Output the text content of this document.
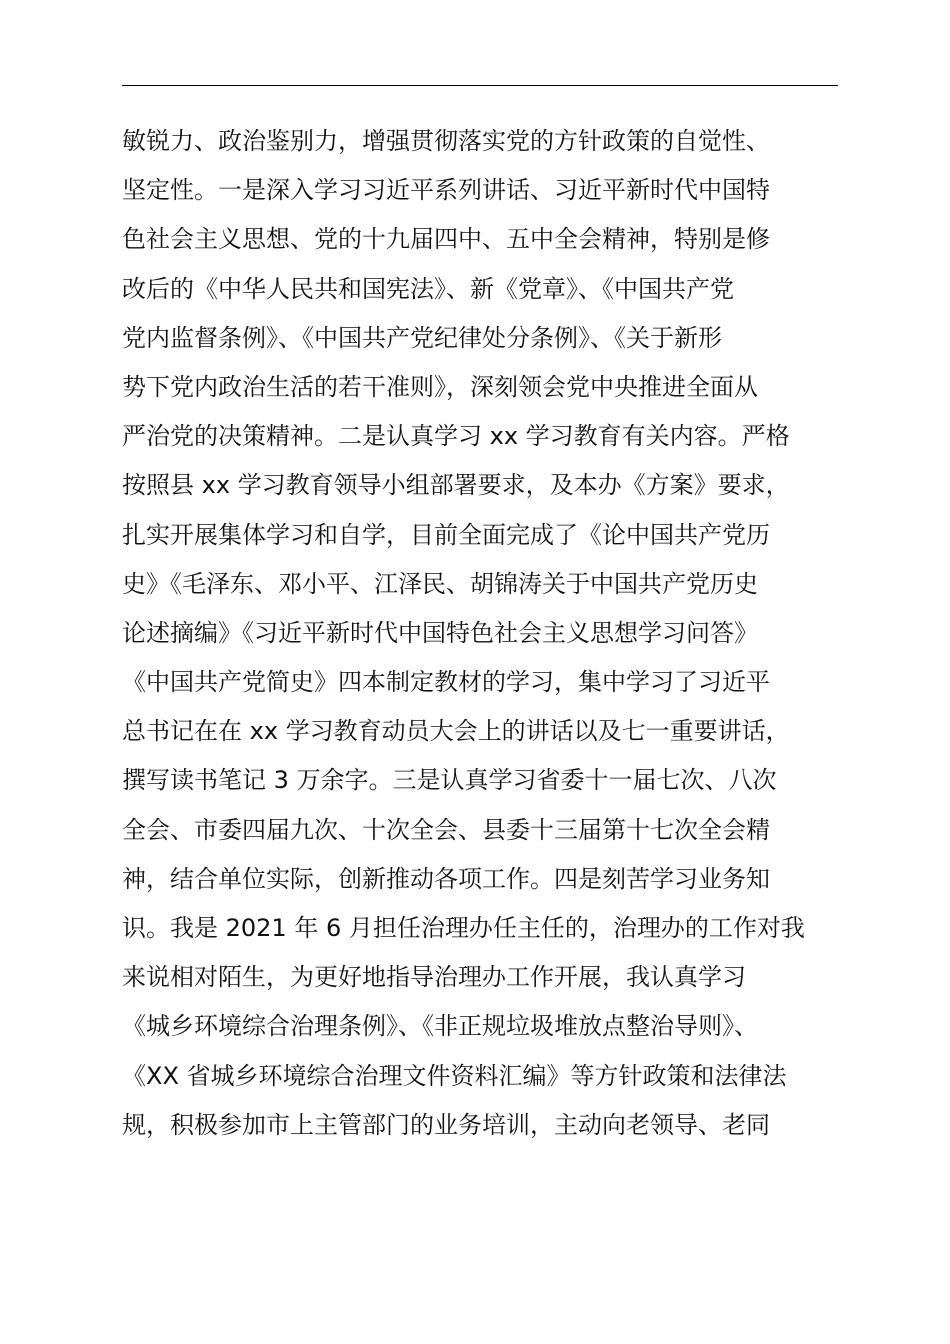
敏锐力、政治鉴别力，增强贯彻落实党的方针政策的自觉性、
坚定性。一是深入学习习近平系列讲话、习近平新时代中国特
色社会主义思想、党的十九届四中、五中全会精神，特别是修
改后的《中华人民共和国宪法》、新《党章》、《中国共产党
党内监督条例》、《中国共产党纪律处分条例》、《关于新形
势下党内政治生活的若干准则》，深刻领会党中央推进全面从
严治党的决策精神。二是认真学习 xx 学习教育有关内容。严格
按照县 xx 学习教育领导小组部署要求，及本办《方案》要求，
扎实开展集体学习和自学，目前全面完成了《论中国共产党历
史》《毛泽东、邓小平、江泽民、胡锦涛关于中国共产党历史
论述摘编》《习近平新时代中国特色社会主义思想学习问答》
《中国共产党简史》四本制定教材的学习，集中学习了习近平
总书记在在 xx 学习教育动员大会上的讲话以及七一重要讲话，
撰写读书笔记 3 万余字。三是认真学习省委十一届七次、八次
全会、市委四届九次、十次全会、县委十三届第十七次全会精
神，结合单位实际，创新推动各项工作。四是刻苦学习业务知
识。我是 2021 年 6 月担任治理办任主任的，治理办的工作对我
来说相对陌生，为更好地指导治理办工作开展，我认真学习
《城乡环境综合治理条例》、《非正规垃圾堆放点整治导则》、
《XX 省城乡环境综合治理文件资料汇编》等方针政策和法律法
规，积极参加市上主管部门的业务培训，主动向老领导、老同
